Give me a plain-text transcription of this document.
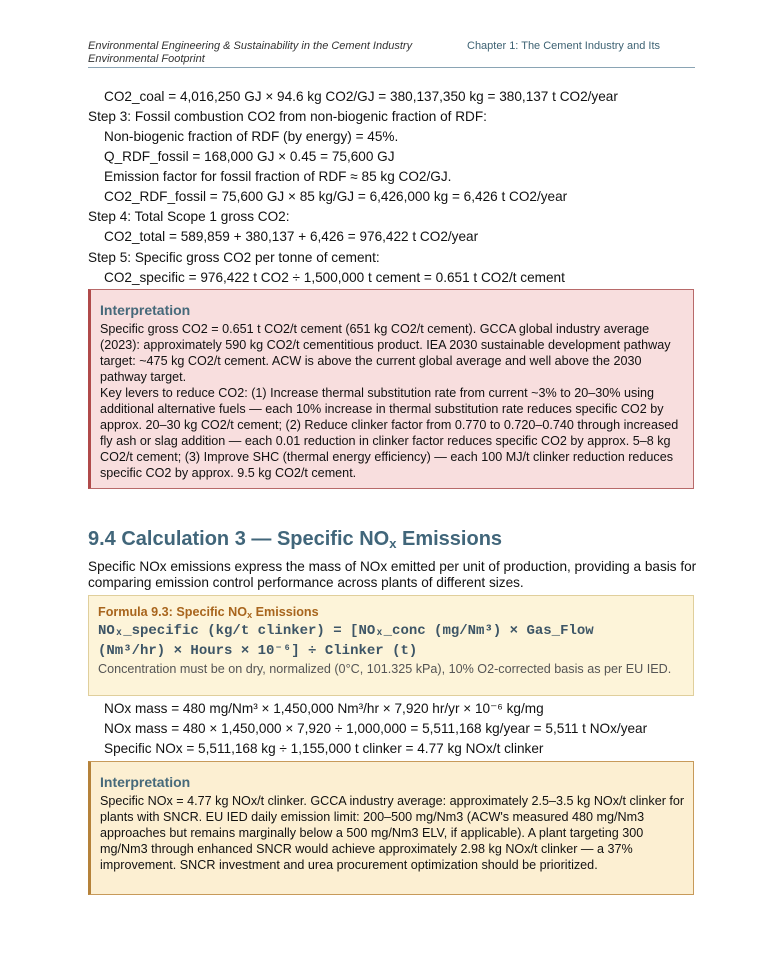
Environmental Engineering & Sustainability in the Cement Industry	Chapter 1: The Cement Industry and Its
Environmental Footprint
CO2_coal = 4,016,250 GJ × 94.6 kg CO2/GJ = 380,137,350 kg = 380,137 t CO2/year
Step 3: Fossil combustion CO2 from non-biogenic fraction of RDF:
Non-biogenic fraction of RDF (by energy) = 45%.
Q_RDF_fossil = 168,000 GJ × 0.45 = 75,600 GJ
Emission factor for fossil fraction of RDF ≈ 85 kg CO2/GJ.
CO2_RDF_fossil = 75,600 GJ × 85 kg/GJ = 6,426,000 kg = 6,426 t CO2/year
Step 4: Total Scope 1 gross CO2:
CO2_total = 589,859 + 380,137 + 6,426 = 976,422 t CO2/year
Step 5: Specific gross CO2 per tonne of cement:
CO2_specific = 976,422 t CO2 ÷ 1,500,000 t cement = 0.651 t CO2/t cement
Interpretation

Specific gross CO2 = 0.651 t CO2/t cement (651 kg CO2/t cement). GCCA global industry average (2023): approximately 590 kg CO2/t cementitious product. IEA 2030 sustainable development pathway target: ~475 kg CO2/t cement. ACW is above the current global average and well above the 2030 pathway target.

Key levers to reduce CO2: (1) Increase thermal substitution rate from current ~3% to 20–30% using additional alternative fuels — each 10% increase in thermal substitution rate reduces specific CO2 by approx. 20–30 kg CO2/t cement; (2) Reduce clinker factor from 0.770 to 0.720–0.740 through increased fly ash or slag addition — each 0.01 reduction in clinker factor reduces specific CO2 by approx. 5–8 kg CO2/t cement; (3) Improve SHC (thermal energy efficiency) — each 100 MJ/t clinker reduction reduces specific CO2 by approx. 9.5 kg CO2/t cement.

9.4 Calculation 3 — Specific $NO_x$ Emissions
Specific NOx emissions express the mass of NOx emitted per unit of production, providing a basis for comparing emission control performance across plants of different sizes.
Formula 9.3: Specific $NO_x$ Emissions
NOₓ_specific (kg/t clinker) = [NOₓ_conc (mg/Nm³) × Gas_Flow
(Nm³/hr) × Hours × 10⁻⁶] ÷ Clinker (t)
Concentration must be on dry, normalized (0°C, 101.325 kPa), 10% O2-corrected basis as per EU IED.
NOx mass = 480 mg/Nm³ × 1,450,000 Nm³/hr × 7,920 hr/yr × 10⁻⁶ kg/mg
NOx mass = 480 × 1,450,000 × 7,920 ÷ 1,000,000 = 5,511,168 kg/year = 5,511 t NOx/year
Specific NOx = 5,511,168 kg ÷ 1,155,000 t clinker = 4.77 kg NOx/t clinker
Interpretation

Specific NOx = 4.77 kg NOx/t clinker. GCCA industry average: approximately 2.5–3.5 kg NOx/t clinker for plants with SNCR. EU IED daily emission limit: 200–500 mg/Nm3 (ACW's measured 480 mg/Nm3 approaches but remains marginally below a 500 mg/Nm3 ELV, if applicable). A plant targeting 300 mg/Nm3 through enhanced SNCR would achieve approximately 2.98 kg NOx/t clinker — a 37% improvement. SNCR investment and urea procurement optimization should be prioritized.
